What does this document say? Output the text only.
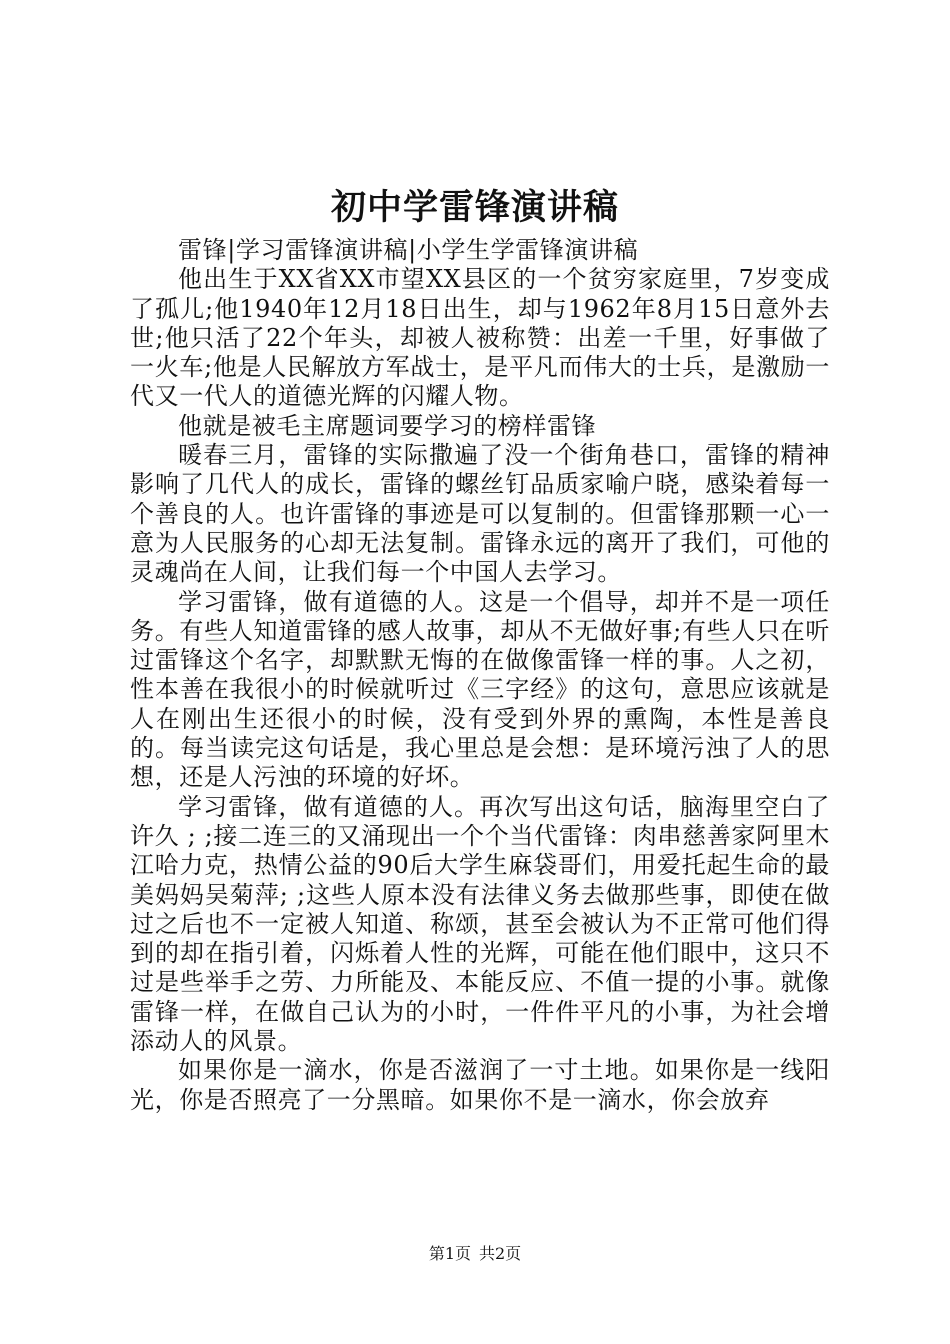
初中学雷锋演讲稿

雷锋|学习雷锋演讲稿|小学生学雷锋演讲稿

他出生于XX省XX市望XX县区的一个贫穷家庭里，7岁变成了孤儿;他1940年12月18日出生，却与1962年8月15日意外去世;他只活了22个年头，却被人被称赞：出差一千里，好事做了一火车;他是人民解放方军战士，是平凡而伟大的士兵，是激励一代又一代人的道德光辉的闪耀人物。

他就是被毛主席题词要学习的榜样雷锋

暖春三月，雷锋的实际撒遍了没一个街角巷口，雷锋的精神影响了几代人的成长，雷锋的螺丝钉品质家喻户晓，感染着每一个善良的人。也许雷锋的事迹是可以复制的。但雷锋那颗一心一意为人民服务的心却无法复制。雷锋永远的离开了我们，可他的灵魂尚在人间，让我们每一个中国人去学习。

学习雷锋，做有道德的人。这是一个倡导，却并不是一项任务。有些人知道雷锋的感人故事，却从不无做好事;有些人只在听过雷锋这个名字，却默默无悔的在做像雷锋一样的事。人之初，性本善在我很小的时候就听过《三字经》的这句，意思应该就是人在刚出生还很小的时候，没有受到外界的熏陶，本性是善良的。每当读完这句话是，我心里总是会想：是环境污浊了人的思想，还是人污浊的环境的好坏。

学习雷锋，做有道德的人。再次写出这句话，脑海里空白了许久 ; ;接二连三的又涌现出一个个当代雷锋：肉串慈善家阿里木江哈力克，热情公益的90后大学生麻袋哥们，用爱托起生命的最美妈妈吴菊萍; ;这些人原本没有法律义务去做那些事，即使在做过之后也不一定被人知道、称颂，甚至会被认为不正常可他们得到的却在指引着，闪烁着人性的光辉，可能在他们眼中，这只不过是些举手之劳、力所能及、本能反应、不值一提的小事。就像雷锋一样，在做自己认为的小时，一件件平凡的小事，为社会增添动人的风景。

如果你是一滴水，你是否滋润了一寸土地。如果你是一线阳光，你是否照亮了一分黑暗。如果你不是一滴水，你会放弃

第1页 共2页
